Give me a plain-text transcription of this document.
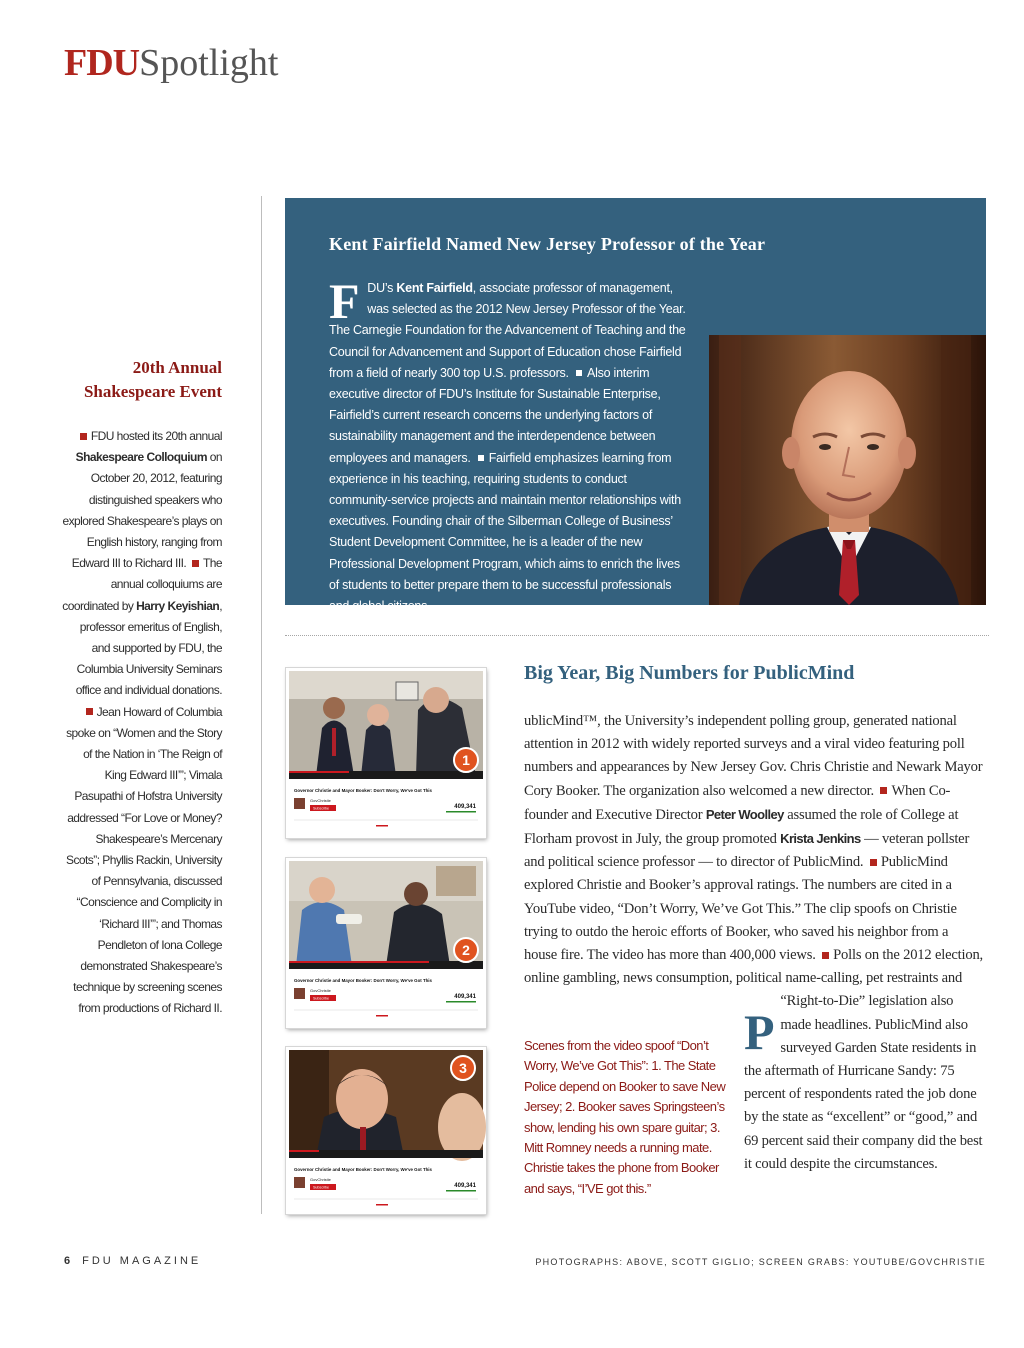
FDUSpotlight
20th Annual
Shakespeare Event

FDU hosted its 20th annual Shakespeare Colloquium on October 20, 2012, featuring distinguished speakers who explored Shakespeare’s plays on English history, ranging from Edward III to Richard III. The annual colloquiums are coordinated by Harry Keyishian, professor emeritus of English, and supported by FDU, the Columbia University Seminars office and individual donations. Jean Howard of Columbia spoke on “Women and the Story of the Nation in ‘The Reign of King Edward III’”; Vimala Pasupathi of Hofstra University addressed “For Love or Money? Shakespeare’s Mercenary Scots”; Phyllis Rackin, University of Pennsylvania, discussed “Conscience and Complicity in ‘Richard III’”; and Thomas Pendleton of Iona College demonstrated Shakespeare’s technique by screening scenes from productions of Richard II.

Kent Fairfield Named New Jersey Professor of the Year
FDU’s Kent Fairfield, associate professor of management, was selected as the 2012 New Jersey Professor of the Year. The Carnegie Foundation for the Advancement of Teaching and the Council for Advancement and Support of Education chose Fairfield from a field of nearly 300 top U.S. professors. Also interim executive director of FDU’s Institute for Sustainable Enterprise, Fairfield’s current research concerns the underlying factors of sustainability management and the interdependence between employees and managers. Fairfield emphasizes learning from experience in his teaching, requiring students to conduct community-service projects and maintain mentor relationships with executives. Founding chair of the Silberman College of Business’ Student Development Committee, he is a leader of the new Professional Development Program, which aims to enrich the lives of students to better prepare them to be successful professionals and global citizens.
1
Governor Christie and Mayor Booker: Don't Worry, We've Got This
GovChristie
Subscribe	409,341
2
Governor Christie and Mayor Booker: Don't Worry, We've Got This
GovChristie
Subscribe	409,341
3
Governor Christie and Mayor Booker: Don't Worry, We've Got This
GovChristie
Subscribe	409,341
Big Year, Big Numbers for PublicMind
P
ublicMind™, the University’s independent polling group, generated national attention in 2012 with widely reported surveys and a viral video featuring poll numbers and appearances by New Jersey Gov. Chris Christie and Newark Mayor Cory Booker. The organization also welcomed a new director. When Co-founder and Executive Director Peter Woolley assumed the role of College at Florham provost in July, the group promoted Krista Jenkins — veteran pollster and political science professor — to director of PublicMind. PublicMind explored Christie and Booker’s approval ratings. The numbers are cited in a YouTube video, “Don’t Worry, We’ve Got This.” The clip spoofs on Christie trying to outdo the heroic efforts of Booker, who saved his neighbor from a house fire. The video has more than 400,000 views. Polls on the 2012 election, online gambling, news consumption, political name-calling, pet restraints and “Right-to-Die” legislation also made headlines. PublicMind also surveyed Garden State residents in the aftermath of Hurricane Sandy: 75 percent of respondents rated the job done by the state as “excellent” or “good,” and 69 percent said their company did the best it could despite the circumstances.

Scenes from the video spoof “Don’t Worry, We’ve Got This”: 1. The State Police depend on Booker to save New Jersey; 2. Booker saves Springsteen’s show, lending his own spare guitar; 3. Mitt Romney needs a running mate. Christie takes the phone from Booker and says, “I’VE got this.”

6 FDU MAGAZINE	PHOTOGRAPHS: ABOVE, SCOTT GIGLIO; SCREEN GRABS: YOUTUBE/GOVCHRISTIE
